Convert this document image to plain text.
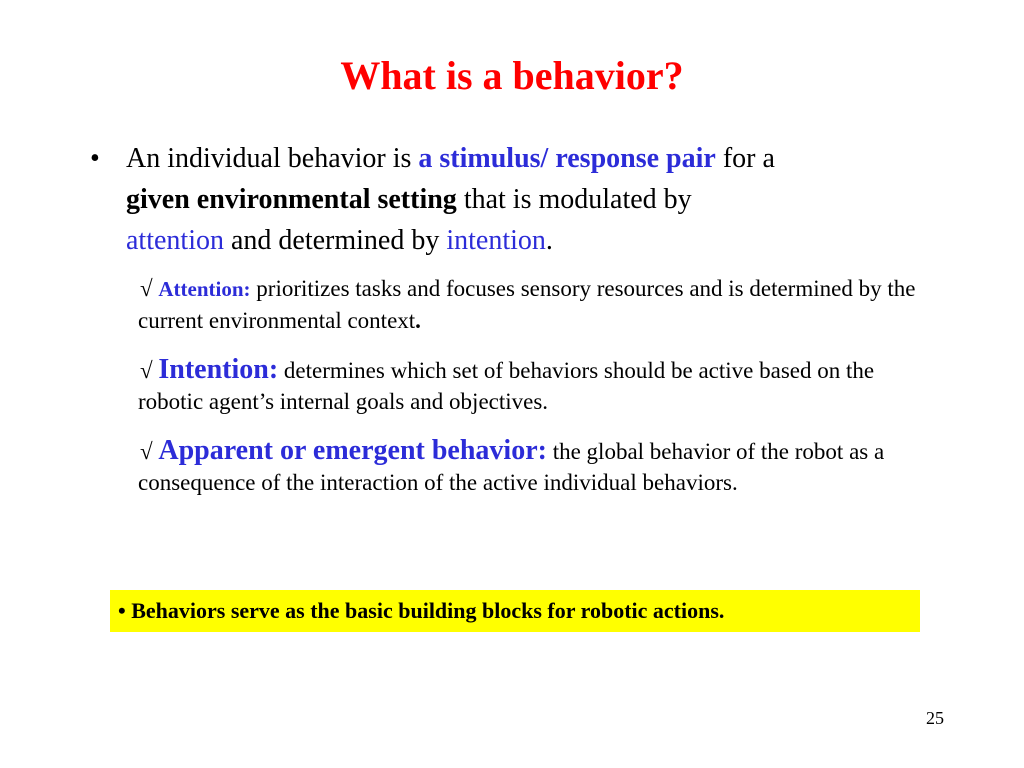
What is a behavior?
• An individual behavior is a stimulus/ response pair for a
given environmental setting that is modulated by
attention and determined by intention.
√ Attention: prioritizes tasks and focuses sensory resources and is determined by the current environmental context.
√ Intention: determines which set of behaviors should be active based on the robotic agent’s internal goals and objectives.
√ Apparent or emergent behavior: the global behavior of the robot as a consequence of the interaction of the active individual behaviors.
• Behaviors serve as the basic building blocks for robotic actions.
25
